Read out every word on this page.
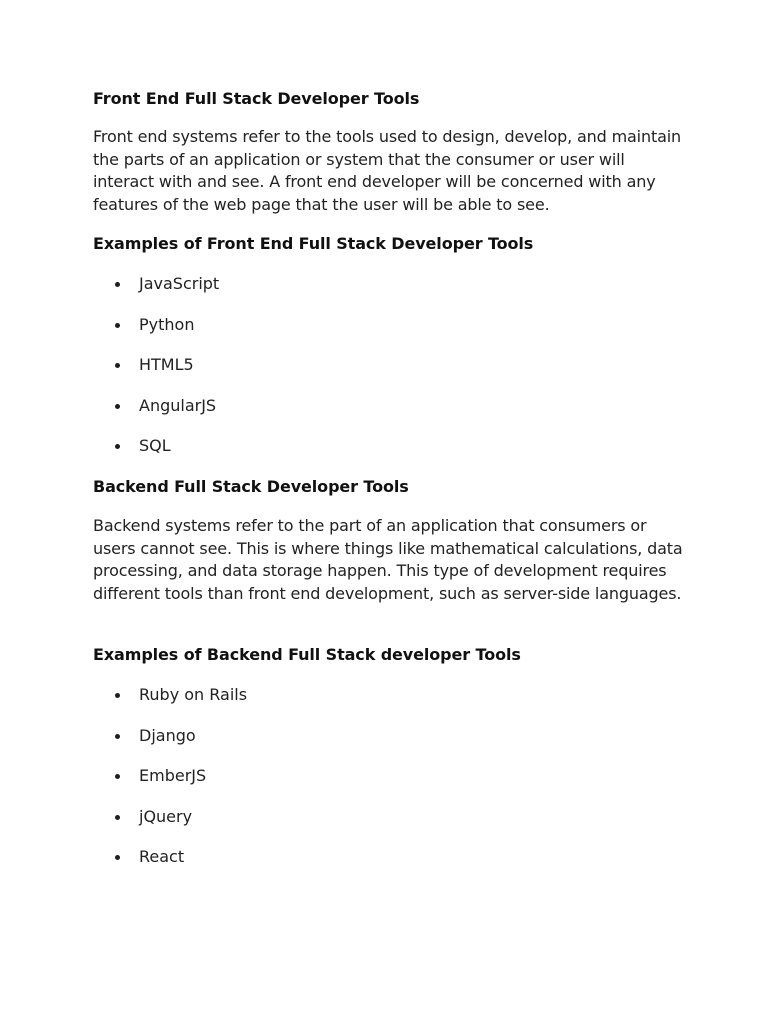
Front End Full Stack Developer Tools

Front end systems refer to the tools used to design, develop, and maintain the parts of an application or system that the consumer or user will interact with and see. A front end developer will be concerned with any features of the web page that the user will be able to see.

Examples of Front End Full Stack Developer Tools
JavaScript
Python
HTML5
AngularJS
SQL
Backend Full Stack Developer Tools

Backend systems refer to the part of an application that consumers or users cannot see. This is where things like mathematical calculations, data processing, and data storage happen. This type of development requires different tools than front end development, such as server-side languages.

Examples of Backend Full Stack developer Tools
Ruby on Rails
Django
EmberJS
jQuery
React
